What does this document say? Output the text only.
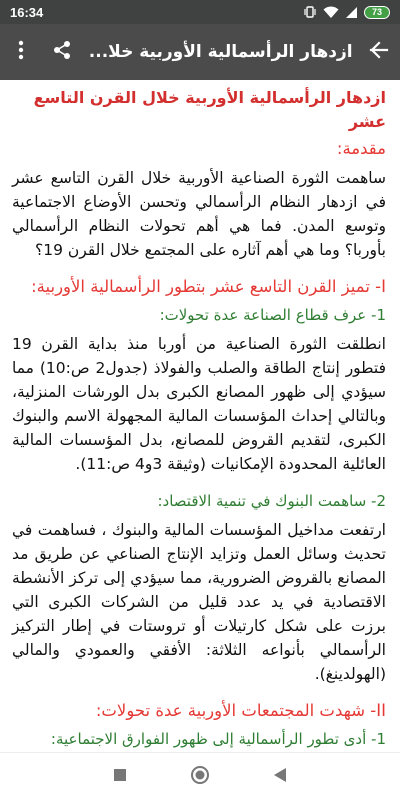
16:34	73
ازدهار الرأسمالية الأوربية خلا...
ازدهار الرأسمالية الأوربية خلال القرن التاسع عشر
مقدمة:

ساهمت الثورة الصناعية الأوربية خلال القرن التاسع عشر في ازدهار النظام الرأسمالي وتحسن الأوضاع الاجتماعية وتوسع المدن. فما هي أهم تحولات النظام الرأسمالي بأوربا؟ وما هي أهم آثاره على المجتمع خلال القرن 19؟

I- تميز القرن التاسع عشر بتطور الرأسمالية الأوربية:
1- عرف قطاع الصناعة عدة تحولات:

انطلقت الثورة الصناعية من أوربا منذ بداية القرن 19 فتطور إنتاج الطاقة والصلب والفولاذ (جدول2 ص:10) مما سيؤدي إلى ظهور المصانع الكبرى بدل الورشات المنزلية، وبالتالي إحداث المؤسسات المالية المجهولة الاسم والبنوك الكبرى، لتقديم القروض للمصانع، بدل المؤسسات المالية العائلية المحدودة الإمكانيات (وثيقة 3و4 ص:11).

2- ساهمت البنوك في تنمية الاقتصاد:

ارتفعت مداخيل المؤسسات المالية والبنوك ، فساهمت في تحديث وسائل العمل وتزايد الإنتاج الصناعي عن طريق مد المصانع بالقروض الضرورية، مما سيؤدي إلى تركز الأنشطة الاقتصادية في يد عدد قليل من الشركات الكبرى التي برزت على شكل كارتيلات أو تروستات في إطار التركيز الرأسمالي بأنواعه الثلاثة: الأفقي والعمودي والمالي (الهولدينغ).

II- شهدت المجتمعات الأوربية عدة تحولات:
1- أدى تطور الرأسمالية إلى ظهور الفوارق الاجتماعية:
